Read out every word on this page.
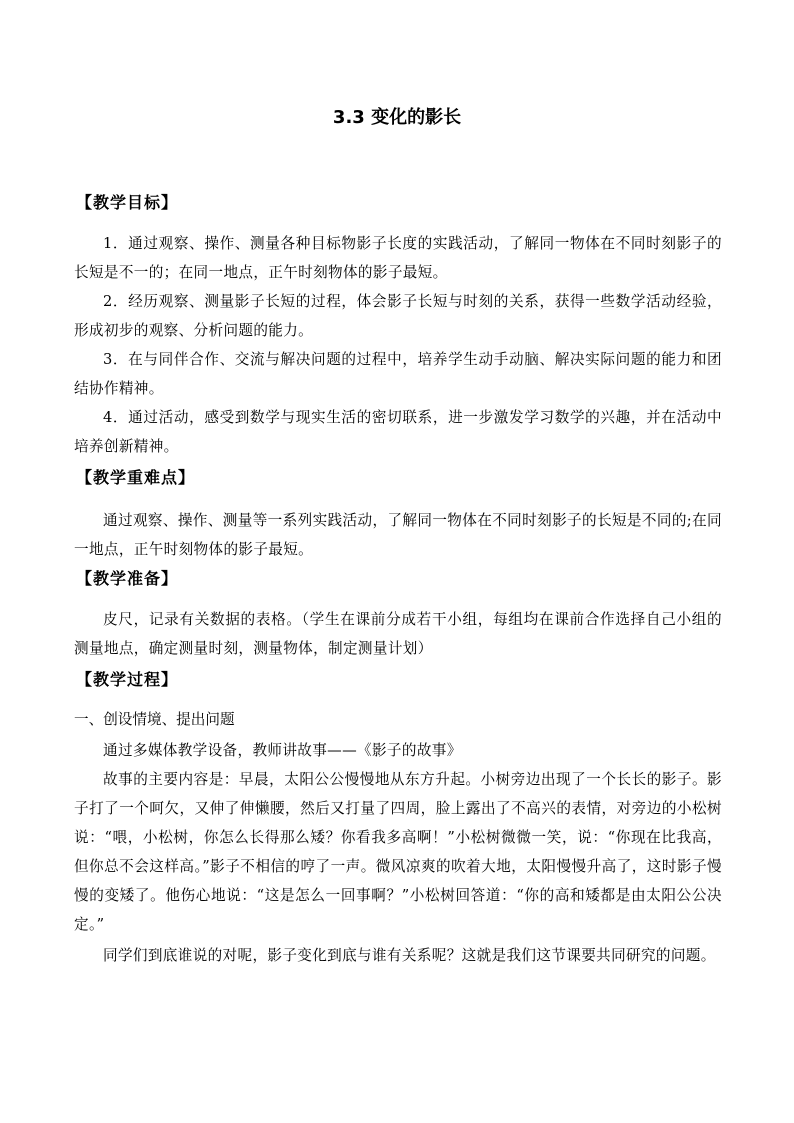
3.3 变化的影长
【教学目标】
1．通过观察、操作、测量各种目标物影子长度的实践活动，了解同一物体在不同时刻影子的长短是不一的；在同一地点，正午时刻物体的影子最短。
2．经历观察、测量影子长短的过程，体会影子长短与时刻的关系，获得一些数学活动经验，形成初步的观察、分析问题的能力。
3．在与同伴合作、交流与解决问题的过程中，培养学生动手动脑、解决实际问题的能力和团结协作精神。
4．通过活动，感受到数学与现实生活的密切联系，进一步激发学习数学的兴趣，并在活动中培养创新精神。
【教学重难点】
通过观察、操作、测量等一系列实践活动，了解同一物体在不同时刻影子的长短是不同的;在同一地点，正午时刻物体的影子最短。
【教学准备】
皮尺，记录有关数据的表格。（学生在课前分成若干小组，每组均在课前合作选择自己小组的测量地点，确定测量时刻，测量物体，制定测量计划）
【教学过程】
一、创设情境、提出问题
通过多媒体教学设备，教师讲故事——《影子的故事》
故事的主要内容是：早晨，太阳公公慢慢地从东方升起。小树旁边出现了一个长长的影子。影子打了一个呵欠，又伸了伸懒腰，然后又打量了四周，脸上露出了不高兴的表情，对旁边的小松树说：“喂，小松树，你怎么长得那么矮？你看我多高啊！”小松树微微一笑，说：“你现在比我高，但你总不会这样高。”影子不相信的哼了一声。微风凉爽的吹着大地，太阳慢慢升高了，这时影子慢慢的变矮了。他伤心地说：“这是怎么一回事啊？”小松树回答道：“你的高和矮都是由太阳公公决定。”
同学们到底谁说的对呢，影子变化到底与谁有关系呢？这就是我们这节课要共同研究的问题。
